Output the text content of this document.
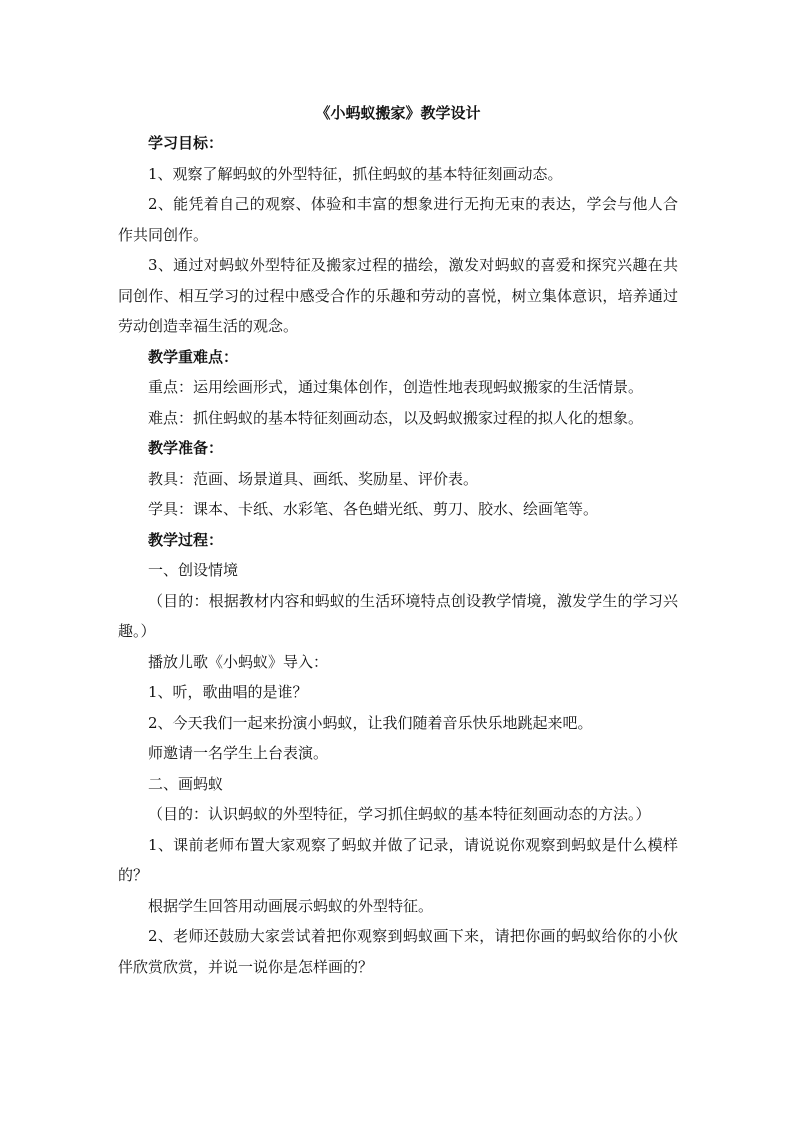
《小蚂蚁搬家》教学设计

学习目标：

1、观察了解蚂蚁的外型特征，抓住蚂蚁的基本特征刻画动态。

2、能凭着自己的观察、体验和丰富的想象进行无拘无束的表达，学会与他人合作共同创作。

3、通过对蚂蚁外型特征及搬家过程的描绘，激发对蚂蚁的喜爱和探究兴趣在共同创作、相互学习的过程中感受合作的乐趣和劳动的喜悦，树立集体意识，培养通过劳动创造幸福生活的观念。

教学重难点：

重点：运用绘画形式，通过集体创作，创造性地表现蚂蚁搬家的生活情景。

难点：抓住蚂蚁的基本特征刻画动态，以及蚂蚁搬家过程的拟人化的想象。

教学准备：

教具：范画、场景道具、画纸、奖励星、评价表。

学具：课本、卡纸、水彩笔、各色蜡光纸、剪刀、胶水、绘画笔等。

教学过程：

一、创设情境

（目的：根据教材内容和蚂蚁的生活环境特点创设教学情境，激发学生的学习兴趣。）

播放儿歌《小蚂蚁》导入：

1、听，歌曲唱的是谁？

2、今天我们一起来扮演小蚂蚁，让我们随着音乐快乐地跳起来吧。

师邀请一名学生上台表演。

二、画蚂蚁

（目的：认识蚂蚁的外型特征，学习抓住蚂蚁的基本特征刻画动态的方法。）

1、课前老师布置大家观察了蚂蚁并做了记录，请说说你观察到蚂蚁是什么模样的？

根据学生回答用动画展示蚂蚁的外型特征。

2、老师还鼓励大家尝试着把你观察到蚂蚁画下来，请把你画的蚂蚁给你的小伙伴欣赏欣赏，并说一说你是怎样画的？
